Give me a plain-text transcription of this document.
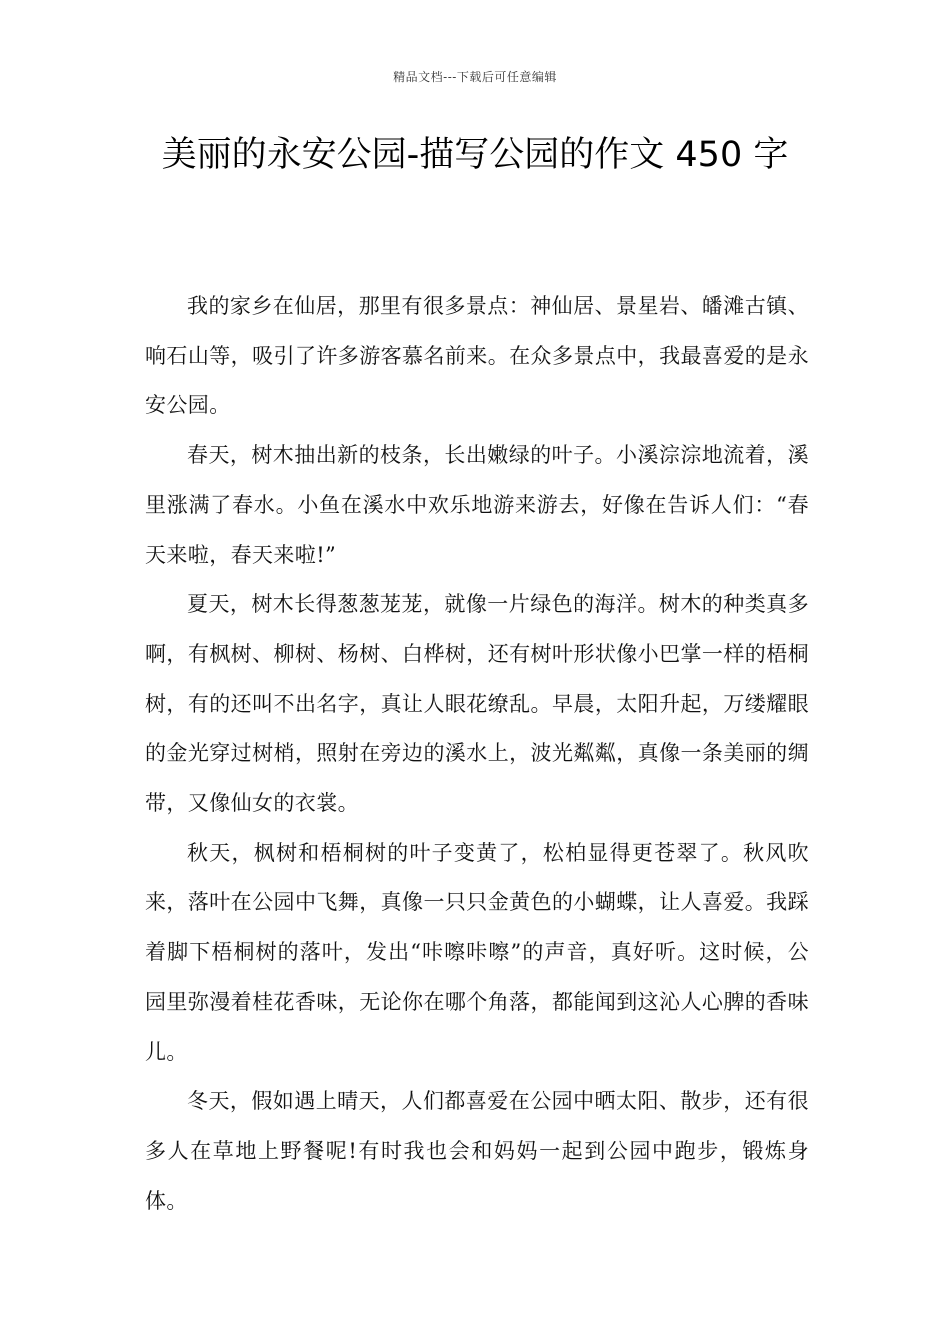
精品文档---下载后可任意编辑
美丽的永安公园-描写公园的作文 450 字

我的家乡在仙居，那里有很多景点：神仙居、景星岩、皤滩古镇、响石山等，吸引了许多游客慕名前来。在众多景点中，我最喜爱的是永安公园。

春天，树木抽出新的枝条，长出嫩绿的叶子。小溪淙淙地流着，溪里涨满了春水。小鱼在溪水中欢乐地游来游去，好像在告诉人们：“春天来啦，春天来啦!”

夏天，树木长得葱葱茏茏，就像一片绿色的海洋。树木的种类真多啊，有枫树、柳树、杨树、白桦树，还有树叶形状像小巴掌一样的梧桐树，有的还叫不出名字，真让人眼花缭乱。早晨，太阳升起，万缕耀眼的金光穿过树梢，照射在旁边的溪水上，波光粼粼，真像一条美丽的绸带，又像仙女的衣裳。

秋天，枫树和梧桐树的叶子变黄了，松柏显得更苍翠了。秋风吹来，落叶在公园中飞舞，真像一只只金黄色的小蝴蝶，让人喜爱。我踩着脚下梧桐树的落叶，发出“咔嚓咔嚓”的声音，真好听。这时候，公园里弥漫着桂花香味，无论你在哪个角落，都能闻到这沁人心脾的香味儿。

冬天，假如遇上晴天，人们都喜爱在公园中晒太阳、散步，还有很多人在草地上野餐呢!有时我也会和妈妈一起到公园中跑步，锻炼身体。
